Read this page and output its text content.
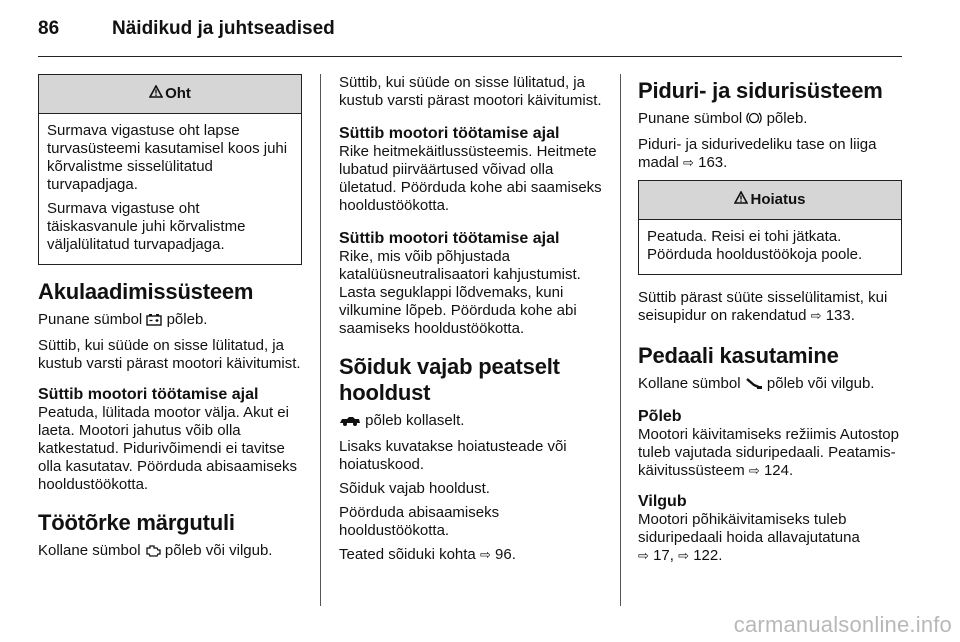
86	Näidikud ja juhtseadised
Oht

Surmava vigastuse oht lapse turvasüsteemi kasutamisel koos juhi kõrvalistme sisselülitatud turvapadjaga.

Surmava vigastuse oht täiskasvanule juhi kõrvalistme väljalülitatud turvapadjaga.

Akulaadimissüsteem

Punane sümbol põleb.

Süttib, kui süüde on sisse lülitatud, ja kustub varsti pärast mootori käivitumist.

Süttib mootori töötamise ajal

Peatuda, lülitada mootor välja. Akut ei laeta. Mootori jahutus võib olla katkestatud. Pidurivõimendi ei tavitse olla kasutatav. Pöörduda abisaamiseks hooldustöökotta.

Töötõrke märgutuli

Kollane sümbol põleb või vilgub.

Süttib, kui süüde on sisse lülitatud, ja kustub varsti pärast mootori käivitumist.

Süttib mootori töötamise ajal

Rike heitmekäitlussüsteemis. Heitmete lubatud piirväärtused võivad olla ületatud. Pöörduda kohe abi saamiseks hooldustöökotta.

Süttib mootori töötamise ajal

Rike, mis võib põhjustada katalüüsneutralisaatori kahjustumist. Lasta seguklappi lõdvemaks, kuni vilkumine lõpeb. Pöörduda kohe abi saamiseks hooldustöökotta.

Sõiduk vajab peatselt hooldust

põleb kollaselt.

Lisaks kuvatakse hoiatusteade või hoiatuskood.

Sõiduk vajab hooldust.

Pöörduda abisaamiseks hooldustöökotta.

Teated sõiduki kohta ⇨ 96.

Piduri- ja sidurisüsteem

Punane sümbol põleb.

Piduri- ja sidurivedeliku tase on liiga madal ⇨ 163.

Hoiatus

Peatuda. Reisi ei tohi jätkata. Pöörduda hooldustöökoja poole.

Süttib pärast süüte sisselülitamist, kui seisupidur on rakendatud ⇨ 133.

Pedaali kasutamine

Kollane sümbol põleb või vilgub.

Põleb

Mootori käivitamiseks režiimis Autostop tuleb vajutada siduripedaali. Peatamis-käivitussüsteem ⇨ 124.

Vilgub

Mootori põhikäivitamiseks tuleb siduripedaali hoida allavajutatuna
⇨ 17, ⇨ 122.

carmanualsonline.info
